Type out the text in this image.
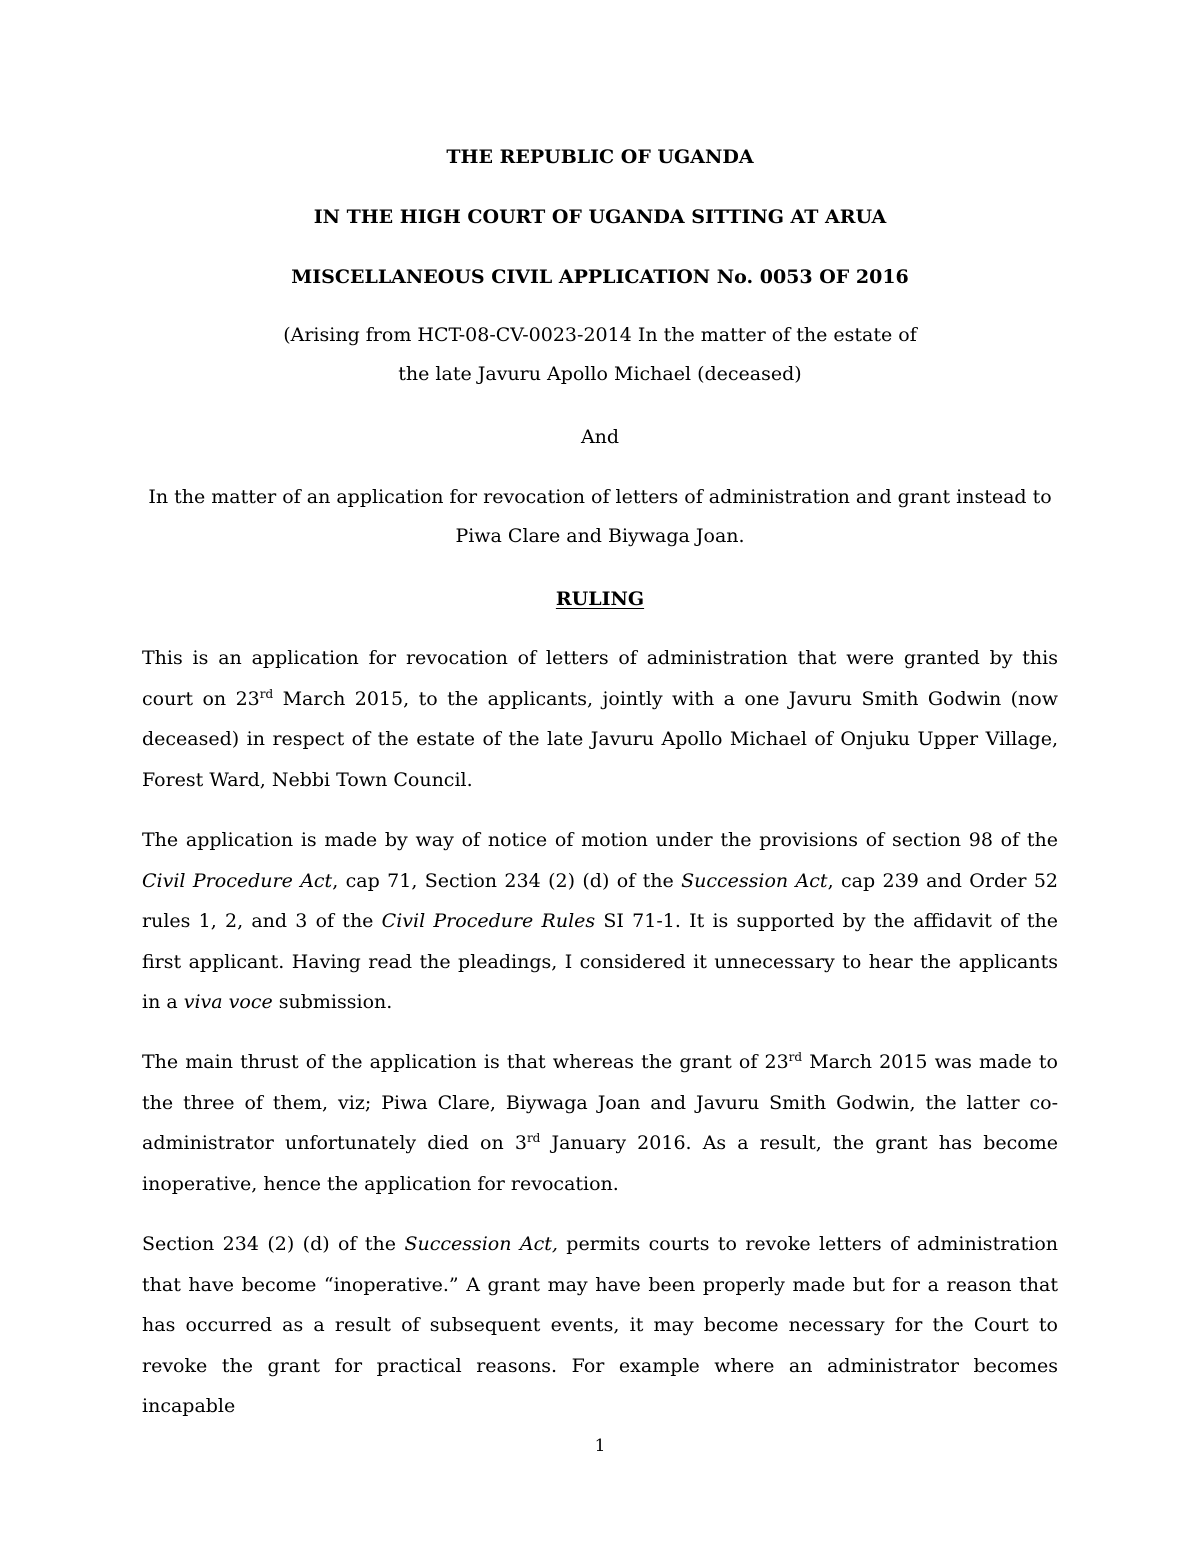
THE REPUBLIC OF UGANDA
IN THE HIGH COURT OF UGANDA SITTING AT ARUA
MISCELLANEOUS CIVIL APPLICATION No. 0053 OF 2016
(Arising from HCT-08-CV-0023-2014 In the matter of the estate of
the late Javuru Apollo Michael (deceased)
And
In the matter of an application for revocation of letters of administration and grant instead to
Piwa Clare and Biywaga Joan.
RULING

This is an application for revocation of letters of administration that were granted by this court on 23rd March 2015, to the applicants, jointly with a one Javuru Smith Godwin (now deceased) in respect of the estate of the late Javuru Apollo Michael of Onjuku Upper Village, Forest Ward, Nebbi Town Council.

The application is made by way of notice of motion under the provisions of section 98 of the Civil Procedure Act, cap 71, Section 234 (2) (d) of the Succession Act, cap 239 and Order 52 rules 1, 2, and 3 of the Civil Procedure Rules SI 71-1. It is supported by the affidavit of the first applicant. Having read the pleadings, I considered it unnecessary to hear the applicants in a viva voce submission.

The main thrust of the application is that whereas the grant of 23rd March 2015 was made to the three of them, viz; Piwa Clare, Biywaga Joan and Javuru Smith Godwin, the latter co-administrator unfortunately died on 3rd January 2016. As a result, the grant has become inoperative, hence the application for revocation.

Section 234 (2) (d) of the Succession Act, permits courts to revoke letters of administration that have become “inoperative.” A grant may have been properly made but for a reason that has occurred as a result of subsequent events, it may become necessary for the Court to revoke the grant for practical reasons. For example where an administrator becomes incapable

1
